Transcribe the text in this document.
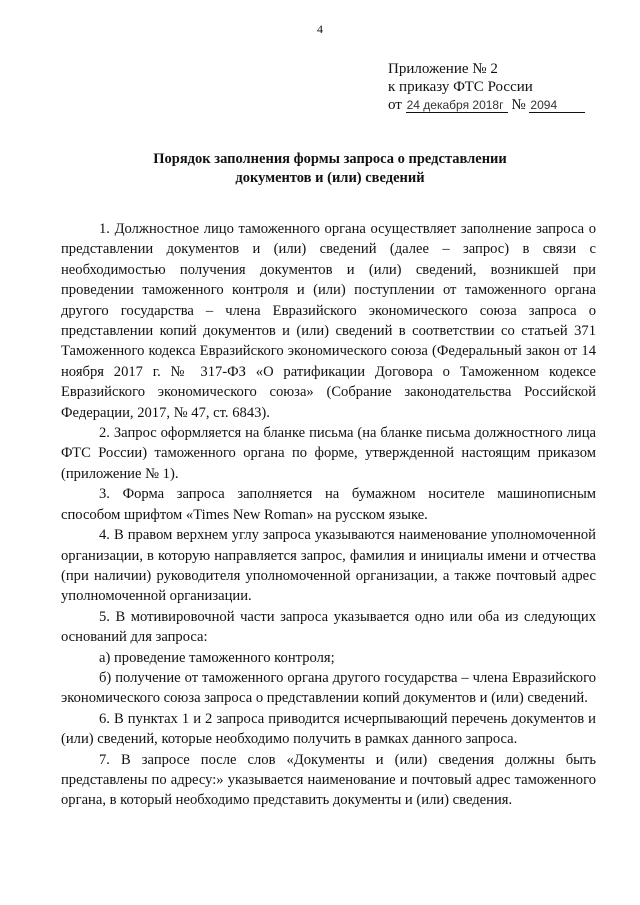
4
Приложение № 2
к приказу ФТС России
от 24 декабря 2018г № 2094
Порядок заполнения формы запроса о представлении
документов и (или) сведений

1. Должностное лицо таможенного органа осуществляет заполнение запроса о представлении документов и (или) сведений (далее – запрос) в связи с необходимостью получения документов и (или) сведений, возникшей при проведении таможенного контроля и (или) поступлении от таможенного органа другого государства – члена Евразийского экономического союза запроса о представлении копий документов и (или) сведений в соответствии со статьей 371 Таможенного кодекса Евразийского экономического союза (Федеральный закон от 14 ноября 2017 г. № 317-ФЗ «О ратификации Договора о Таможенном кодексе Евразийского экономического союза» (Собрание законодательства Российской Федерации, 2017, № 47, ст. 6843).

2. Запрос оформляется на бланке письма (на бланке письма должностного лица ФТС России) таможенного органа по форме, утвержденной настоящим приказом (приложение № 1).

3. Форма запроса заполняется на бумажном носителе машинописным способом шрифтом «Times New Roman» на русском языке.

4. В правом верхнем углу запроса указываются наименование уполномоченной организации, в которую направляется запрос, фамилия и инициалы имени и отчества (при наличии) руководителя уполномоченной организации, а также почтовый адрес уполномоченной организации.

5. В мотивировочной части запроса указывается одно или оба из следующих оснований для запроса:

а) проведение таможенного контроля;

б) получение от таможенного органа другого государства – члена Евразийского экономического союза запроса о представлении копий документов и (или) сведений.

6. В пунктах 1 и 2 запроса приводится исчерпывающий перечень документов и (или) сведений, которые необходимо получить в рамках данного запроса.

7. В запросе после слов «Документы и (или) сведения должны быть представлены по адресу:» указывается наименование и почтовый адрес таможенного органа, в который необходимо представить документы и (или) сведения.
